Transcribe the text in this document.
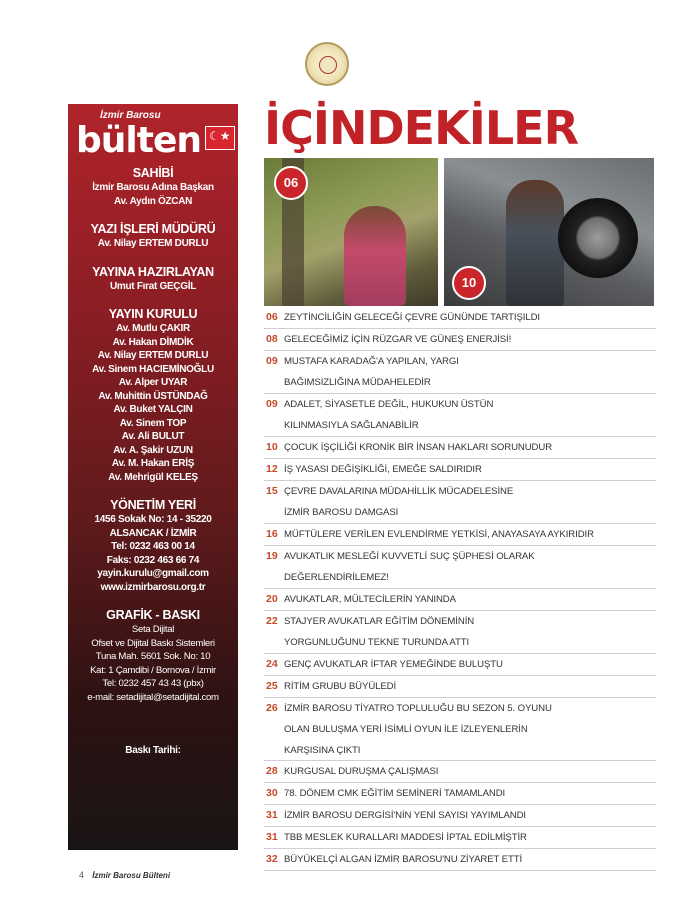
İzmir Barosu
bülten
☾★
SAHİBİ
İzmir Barosu Adına Başkan
Av. Aydın ÖZCAN
YAZI İŞLERİ MÜDÜRÜ
Av. Nilay ERTEM DURLU
YAYINA HAZIRLAYAN
Umut Fırat GEÇGİL
YAYIN KURULU
Av. Mutlu ÇAKIR
Av. Hakan DİMDİK
Av. Nilay ERTEM DURLU
Av. Sinem HACIEMİNOĞLU
Av. Alper UYAR
Av. Muhittin ÜSTÜNDAĞ
Av. Buket YALÇIN
Av. Sinem TOP
Av. Ali BULUT
Av. A. Şakir UZUN
Av. M. Hakan ERİŞ
Av. Mehrigül KELEŞ
YÖNETİM YERİ
1456 Sokak No: 14 - 35220
ALSANCAK / İZMİR
Tel: 0232 463 00 14
Faks: 0232 463 66 74
yayin.kurulu@gmail.com
www.izmirbarosu.org.tr
GRAFİK - BASKI
Seta Dijital
Ofset ve Dijital Baskı Sistemleri
Tuna Mah. 5601 Sok. No: 10
Kat: 1 Çamdibi / Bornova / İzmir
Tel: 0232 457 43 43 (pbx)
e-mail: setadijital@setadijital.com
Baskı Tarihi:
İÇİNDEKİLER
06
10
06 ZEYTİNCİLİĞİN GELECEĞİ ÇEVRE GÜNÜNDE TARTIŞILDI
08 GELECEĞİMİZ İÇİN RÜZGAR VE GÜNEŞ ENERJİSİ!
09 MUSTAFA KARADAĞ'A YAPILAN, YARGI
BAĞIMSIZLIĞINA MÜDAHELEDİR
09 ADALET, SİYASETLE DEĞİL, HUKUKUN ÜSTÜN
KILINMASIYLA SAĞLANABİLİR
10 ÇOCUK İŞÇİLİĞİ KRONİK BİR İNSAN HAKLARI SORUNUDUR
12 İŞ YASASI DEĞİŞİKLİĞİ, EMEĞE SALDIRIDIR
15 ÇEVRE DAVALARINA MÜDAHİLLİK MÜCADELESİNE
İZMİR BAROSU DAMGASI
16 MÜFTÜLERE VERİLEN EVLENDİRME YETKİSİ, ANAYASAYA AYKIRIDIR
19 AVUKATLIK MESLEĞİ KUVVETLİ SUÇ ŞÜPHESİ OLARAK
DEĞERLENDİRİLEMEZ!
20 AVUKATLAR, MÜLTECİLERİN YANINDA
22 STAJYER AVUKATLAR EĞİTİM DÖNEMİNİN
YORGUNLUĞUNU TEKNE TURUNDA ATTI
24 GENÇ AVUKATLAR İFTAR YEMEĞİNDE BULUŞTU
25 RİTİM GRUBU BÜYÜLEDİ
26 İZMİR BAROSU TİYATRO TOPLULUĞU BU SEZON 5. OYUNU
OLAN BULUŞMA YERİ İSİMLİ OYUN İLE İZLEYENLERİN
KARŞISINA ÇIKTI
28 KURGUSAL DURUŞMA ÇALIŞMASI
30 78. DÖNEM CMK EĞİTİM SEMİNERİ TAMAMLANDI
31 İZMİR BAROSU DERGİSİ'NİN YENİ SAYISI YAYIMLANDI
31 TBB MESLEK KURALLARI MADDESİ İPTAL EDİLMİŞTİR
32 BÜYÜKELÇİ ALGAN İZMİR BAROSU'NU ZİYARET ETTİ
4 İzmir Barosu Bülteni
